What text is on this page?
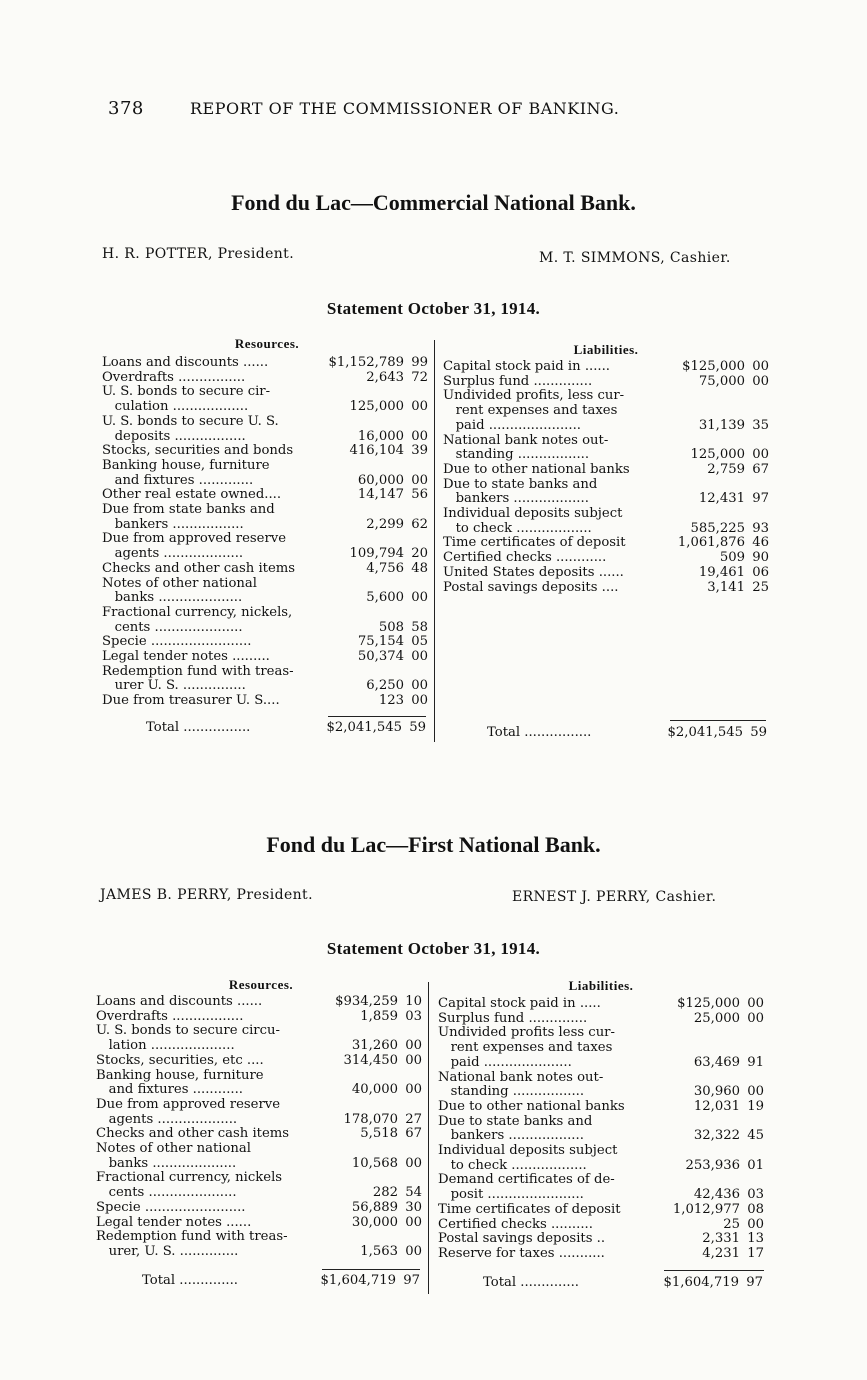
378	REPORT OF THE COMMISSIONER OF BANKING.
Fond du Lac—Commercial National Bank.
H. R. POTTER, President.	M. T. SIMMONS, Cashier.
Statement October 31, 1914.
Resources.	Liabilities.
Loans and discounts ......	$1,152,789 99
Overdrafts ................	2,643 72
U. S. bonds to secure cir-
culation ..................	125,000 00
U. S. bonds to secure U. S.
deposits .................	16,000 00
Stocks, securities and bonds	416,104 39
Banking house, furniture
and fixtures .............	60,000 00
Other real estate owned....	14,147 56
Due from state banks and
bankers .................	2,299 62
Due from approved reserve
agents ...................	109,794 20
Checks and other cash items	4,756 48
Notes of other national
banks ....................	5,600 00
Fractional currency, nickels,
cents .....................	508 58
Specie ........................	75,154 05
Legal tender notes .........	50,374 00
Redemption fund with treas-
urer U. S. ...............	6,250 00
Due from treasurer U. S....	123 00
Capital stock paid in ......	$125,000 00
Surplus fund ..............	75,000 00
Undivided profits, less cur-
rent expenses and taxes
paid ......................	31,139 35
National bank notes out-
standing .................	125,000 00
Due to other national banks	2,759 67
Due to state banks and
bankers ..................	12,431 97
Individual deposits subject
to check ..................	585,225 93
Time certificates of deposit	1,061,876 46
Certified checks ............	509 90
United States deposits ......	19,461 06
Postal savings deposits ....	3,141 25
Total ................	$2,041,545 59	Total ................	$2,041,545 59
Fond du Lac—First National Bank.
JAMES B. PERRY, President.	ERNEST J. PERRY, Cashier.
Statement October 31, 1914.
Resources.	Liabilities.
Loans and discounts ......	$934,259 10
Overdrafts .................	1,859 03
U. S. bonds to secure circu-
lation ....................	31,260 00
Stocks, securities, etc ....	314,450 00
Banking house, furniture
and fixtures ............	40,000 00
Due from approved reserve
agents ...................	178,070 27
Checks and other cash items	5,518 67
Notes of other national
banks ....................	10,568 00
Fractional currency, nickels
cents .....................	282 54
Specie ........................	56,889 30
Legal tender notes ......	30,000 00
Redemption fund with treas-
urer, U. S. ..............	1,563 00
Capital stock paid in .....	$125,000 00
Surplus fund ..............	25,000 00
Undivided profits less cur-
rent expenses and taxes
paid .....................	63,469 91
National bank notes out-
standing .................	30,960 00
Due to other national banks	12,031 19
Due to state banks and
bankers ..................	32,322 45
Individual deposits subject
to check ..................	253,936 01
Demand certificates of de-
posit .......................	42,436 03
Time certificates of deposit	1,012,977 08
Certified checks ..........	25 00
Postal savings deposits ..	2,331 13
Reserve for taxes ...........	4,231 17
Total ..............	$1,604,719 97	Total ..............	$1,604,719 97
